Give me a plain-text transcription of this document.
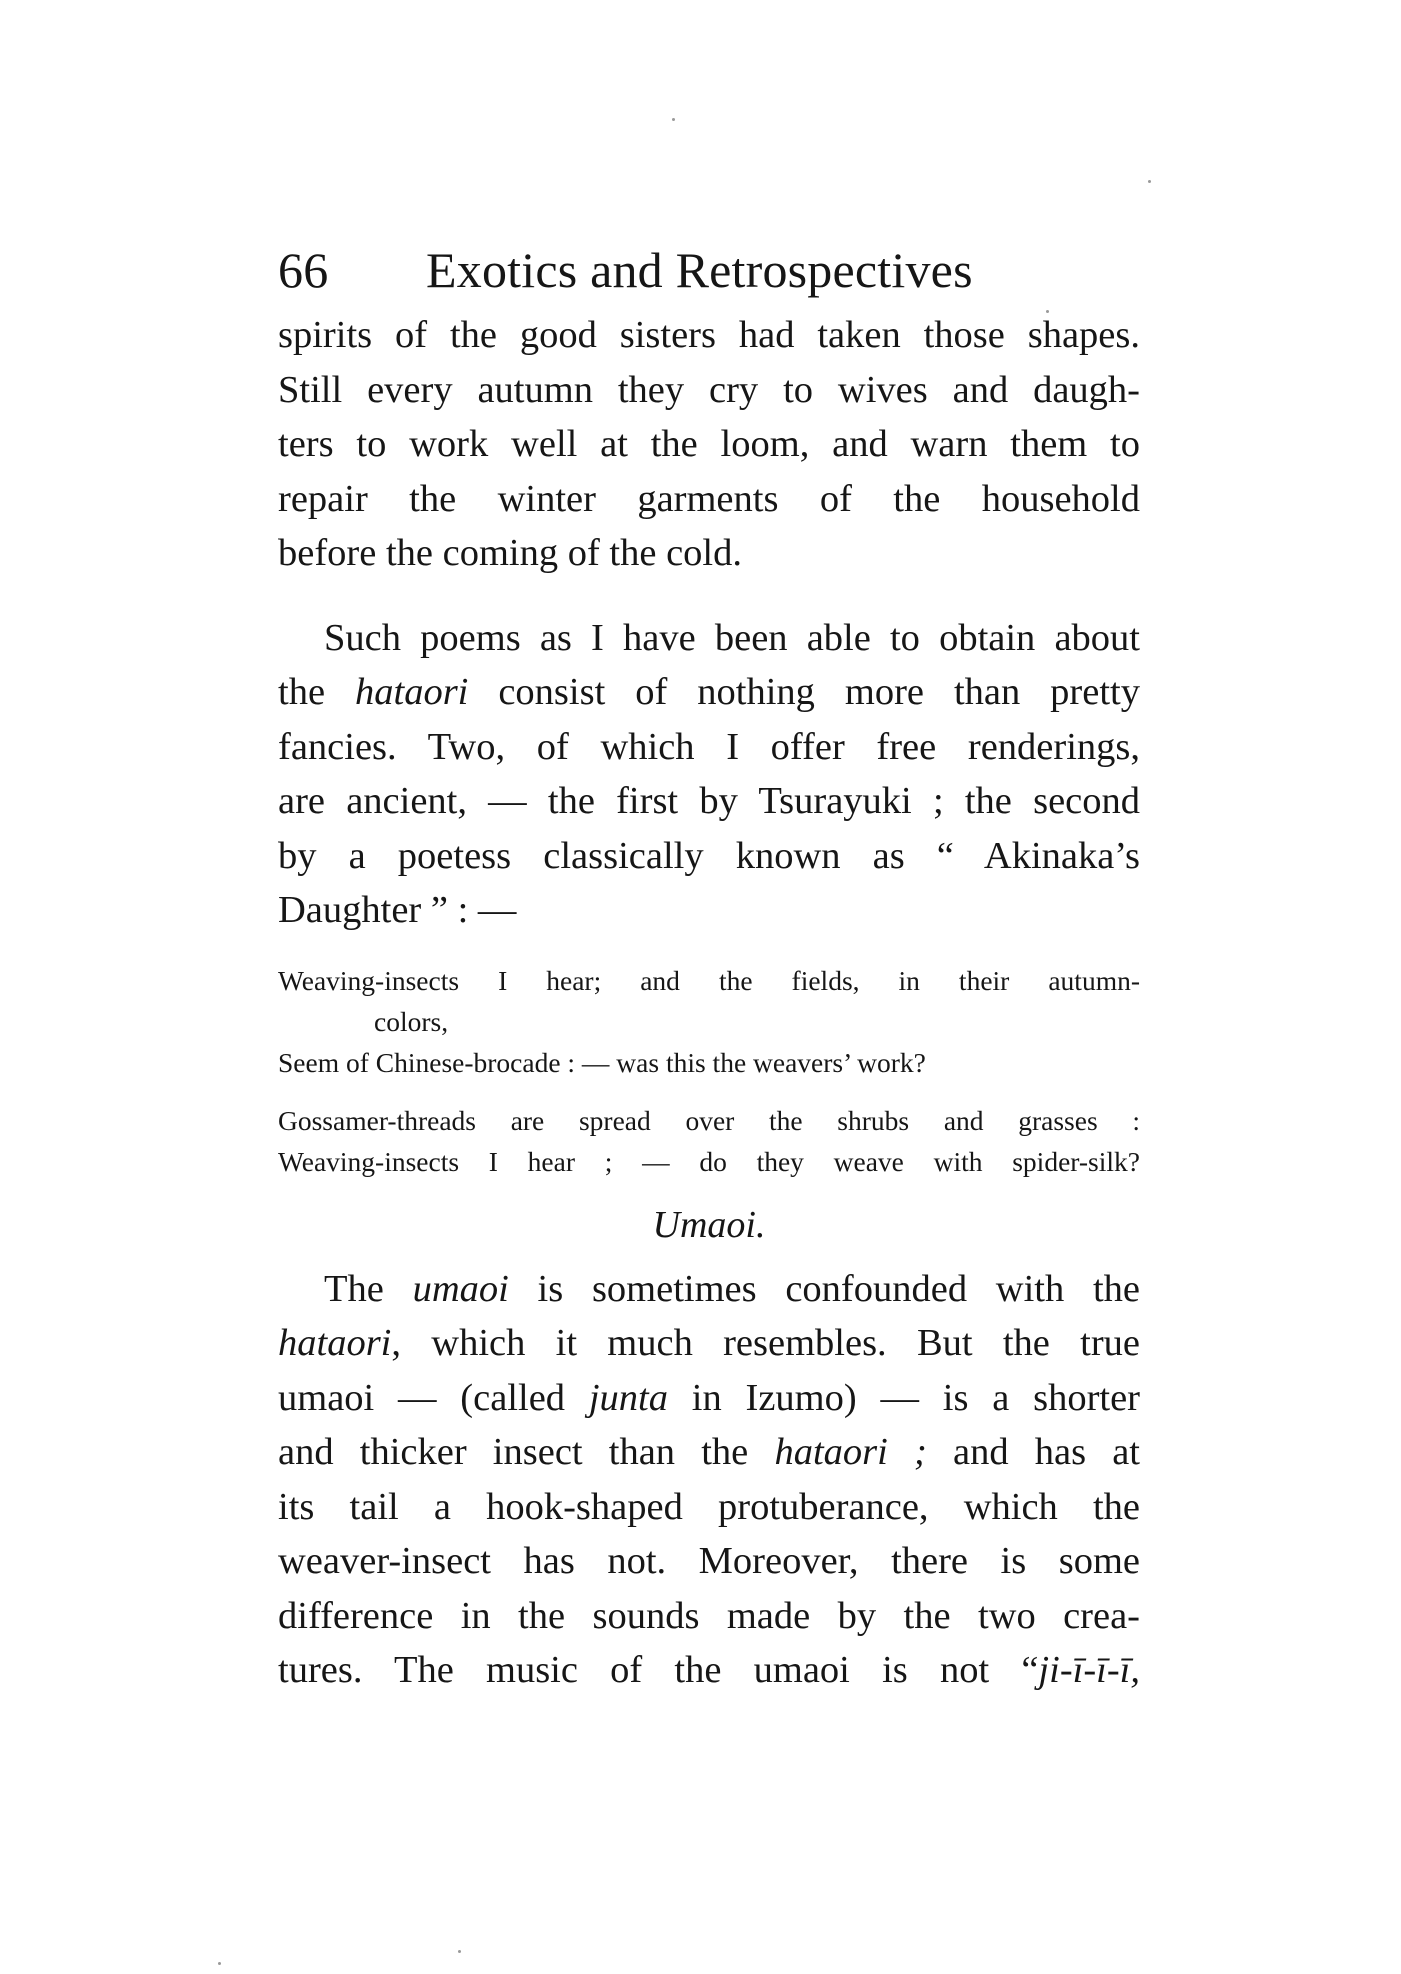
66 Exotics and Retrospectives
spirits of the good sisters had taken those shapes.
Still every autumn they cry to wives and daugh-
ters to work well at the loom, and warn them to
repair the winter garments of the household
before the coming of the cold.
Such poems as I have been able to obtain about
the hataori consist of nothing more than pretty
fancies. Two, of which I offer free renderings,
are ancient, — the first by Tsurayuki ; the second
by a poetess classically known as “ Akinaka’s
Daughter ” : —
Weaving-insects I hear; and the fields, in their autumn-
colors,
Seem of Chinese-brocade : — was this the weavers’ work?
Gossamer-threads are spread over the shrubs and grasses :
Weaving-insects I hear ; — do they weave with spider-silk?
Umaoi.
The umaoi is sometimes confounded with the
hataori, which it much resembles. But the true
umaoi — (called junta in Izumo) — is a shorter
and thicker insect than the hataori ; and has at
its tail a hook-shaped protuberance, which the
weaver-insect has not. Moreover, there is some
difference in the sounds made by the two crea-
tures. The music of the umaoi is not “ji-ī-ī-ī,
